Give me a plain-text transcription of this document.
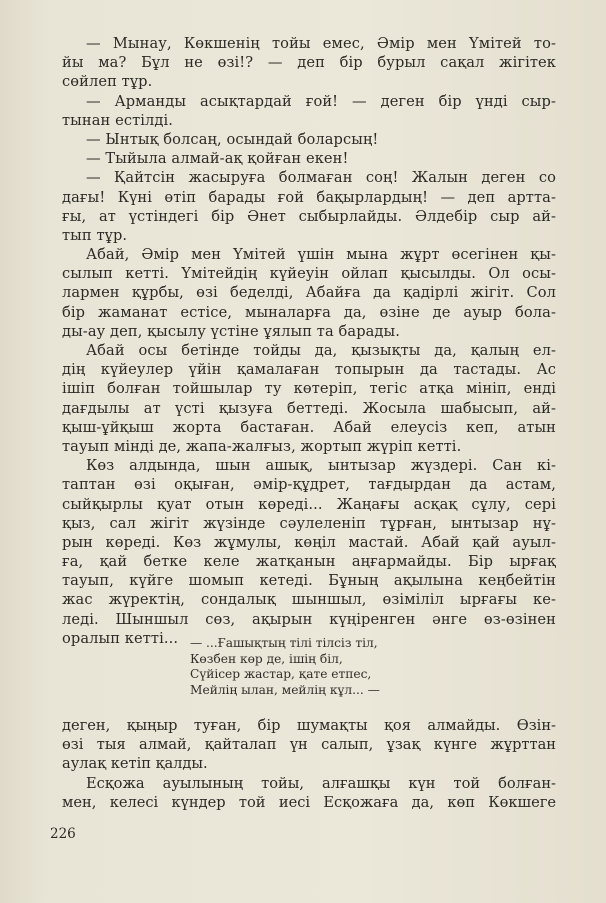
— Мынау, Көкшенің тойы емес, Әмір мен Үмітей то-
йы ма? Бұл не өзі!? — деп бір бурыл сақал жігітек
сөйлеп тұр.
— Арманды асықтардай ғой! — деген бір үнді сыр-
тынан естілді.
— Ынтық болсаң, осындай боларсың!
— Тыйыла алмай-ақ қойған екен!
— Қайтсін жасыруға болмаған соң! Жалын деген со
дағы! Күні өтіп барады ғой бақырлардың! — деп артта-
ғы, ат үстіндегі бір Әнет сыбырлайды. Әлдебір сыр ай-
тып тұр.
Абай, Әмір мен Үмітей үшін мына жұрт өсегінен қы-
сылып кетті. Үмітейдің күйеуін ойлап қысылды. Ол осы-
лармен құрбы, өзі беделді, Абайға да қадірлі жігіт. Сол
бір жаманат естісе, мыналарға да, өзіне де ауыр бола-
ды-ау деп, қысылу үстіне ұялып та барады.
Абай осы бетінде тойды да, қызықты да, қалың ел-
дің күйеулер үйін қамалаған топырын да тастады. Ас
ішіп болған тойшылар ту көтеріп, тегіс атқа мініп, енді
дағдылы ат үсті қызуға беттеді. Жосыла шабысып, ай-
қыш-ұйқыш жорта бастаған. Абай елеусіз кеп, атын
тауып мінді де, жапа-жалғыз, жортып жүріп кетті.
Көз алдында, шын ашық, ынтызар жүздері. Сан кі-
таптан өзі оқыған, әмір-құдрет, тағдырдан да астам,
сыйқырлы қуат отын көреді... Жаңағы асқақ сұлу, сері
қыз, сал жігіт жүзінде сәулеленіп тұрған, ынтызар нұ-
рын көреді. Көз жұмулы, көңіл мастай. Абай қай ауыл-
ға, қай бетке келе жатқанын аңғармайды. Бір ырғақ
тауып, күйге шомып кетеді. Бұның ақылына кеңбейтін
жас жүректің, сондалық шыншыл, өзіміліл ырғағы ке-
леді. Шыншыл сөз, ақырын күңіренген әнге өз-өзінен
оралып кетті... — ...Ғашықтың тілі тілсіз тіл,
Көзбен көр де, ішің біл,
Сүйісер жастар, қате етпес,
Мейлің ылан, мейлің кұл... —
деген, қыңыр туған, бір шумақты қоя алмайды. Өзін-
өзі тыя алмай, қайталап үн салып, ұзақ күнге жұрттан
аулақ кетіп қалды.
Есқожа ауылының тойы, алғашқы күн той болған-
мен, келесі күндер той иесі Есқожаға да, көп Көкшеге
226
